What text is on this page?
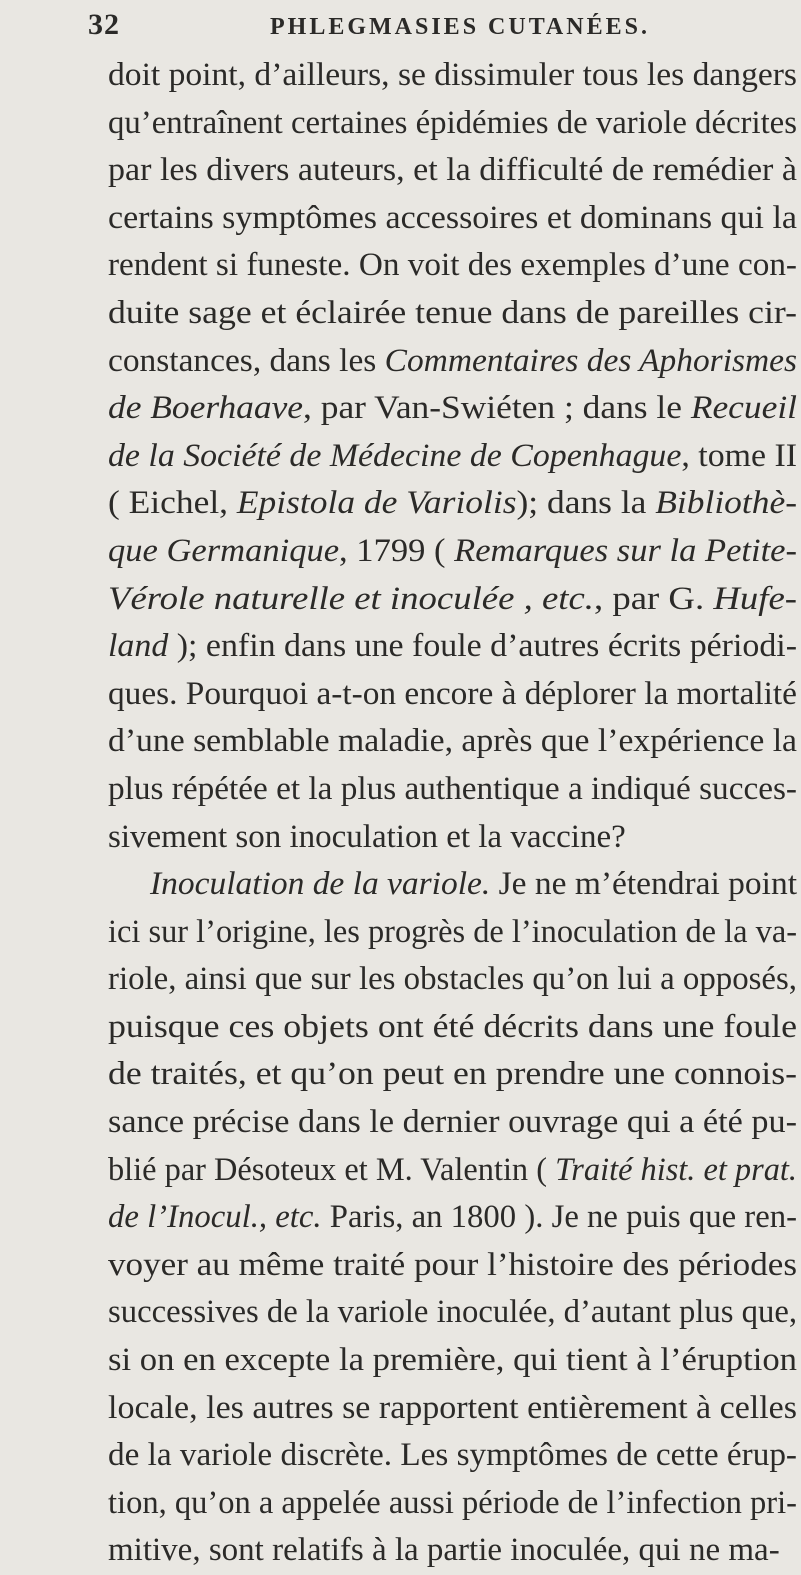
32	PHLEGMASIES CUTANÉES.
doit point, d’ailleurs, se dissimuler tous les dangers
qu’entraînent certaines épidémies de variole décrites
par les divers auteurs, et la difficulté de remédier à
certains symptômes accessoires et dominans qui la
rendent si funeste. On voit des exemples d’une con-
duite sage et éclairée tenue dans de pareilles cir-
constances, dans les Commentaires des Aphorismes
de Boerhaave, par Van-Swiéten ; dans le Recueil
de la Société de Médecine de Copenhague, tome II
( Eichel, Epistola de Variolis); dans la Bibliothè-
que Germanique, 1799 ( Remarques sur la Petite-
Vérole naturelle et inoculée , etc., par G. Hufe-
land ); enfin dans une foule d’autres écrits périodi-
ques. Pourquoi a-t-on encore à déplorer la mortalité
d’une semblable maladie, après que l’expérience la
plus répétée et la plus authentique a indiqué succes-
sivement son inoculation et la vaccine?
Inoculation de la variole. Je ne m’étendrai point
ici sur l’origine, les progrès de l’inoculation de la va-
riole, ainsi que sur les obstacles qu’on lui a opposés,
puisque ces objets ont été décrits dans une foule
de traités, et qu’on peut en prendre une connois-
sance précise dans le dernier ouvrage qui a été pu-
blié par Désoteux et M. Valentin ( Traité hist. et prat.
de l’Inocul., etc. Paris, an 1800 ). Je ne puis que ren-
voyer au même traité pour l’histoire des périodes
successives de la variole inoculée, d’autant plus que,
si on en excepte la première, qui tient à l’éruption
locale, les autres se rapportent entièrement à celles
de la variole discrète. Les symptômes de cette érup-
tion, qu’on a appelée aussi période de l’infection pri-
mitive, sont relatifs à la partie inoculée, qui ne ma-
